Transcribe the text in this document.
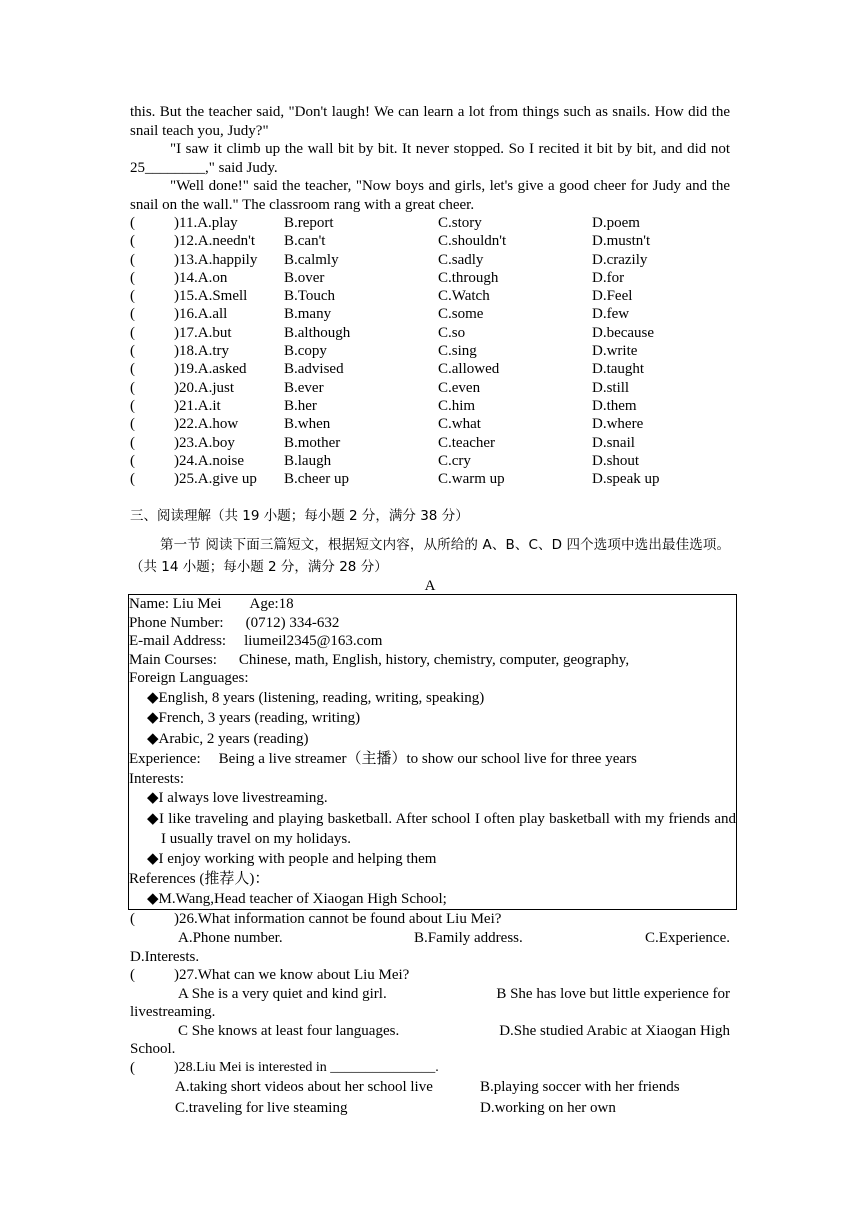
this. But the teacher said, "Don't laugh! We can learn a lot from things such as snails. How did the snail teach you, Judy?"

"I saw it climb up the wall bit by bit. It never stopped. So I recited it bit by bit, and did not 25________," said Judy.

"Well done!" said the teacher, "Now boys and girls, let's give a good cheer for Judy and the snail on the wall." The classroom rang with a great cheer.

(	)11.A.play	B.report	C.story	D.poem
(	)12.A.needn't	B.can't	C.shouldn't	D.mustn't
(	)13.A.happily	B.calmly	C.sadly	D.crazily
(	)14.A.on	B.over	C.through	D.for
(	)15.A.Smell	B.Touch	C.Watch	D.Feel
(	)16.A.all	B.many	C.some	D.few
(	)17.A.but	B.although	C.so	D.because
(	)18.A.try	B.copy	C.sing	D.write
(	)19.A.asked	B.advised	C.allowed	D.taught
(	)20.A.just	B.ever	C.even	D.still
(	)21.A.it	B.her	C.him	D.them
(	)22.A.how	B.when	C.what	D.where
(	)23.A.boy	B.mother	C.teacher	D.snail
(	)24.A.noise	B.laugh	C.cry	D.shout
(	)25.A.give up	B.cheer up	C.warm up	D.speak up
三、阅读理解（共 19 小题；每小题 2 分，满分 38 分）
第一节 阅读下面三篇短文，根据短文内容，从所给的 A、B、C、D 四个选项中选出最佳选项。（共 14 小题；每小题 2 分，满分 28 分）
A
Name: Liu Mei Age:18
Phone Number: (0712) 334-632
E-mail Address: liumeil2345@163.com
Main Courses: Chinese, math, English, history, chemistry, computer, geography,
Foreign Languages:
◆English, 8 years (listening, reading, writing, speaking)
◆French, 3 years (reading, writing)
◆Arabic, 2 years (reading)
Experience: Being a live streamer（主播）to show our school live for three years
Interests:
◆I always love livestreaming.
◆I like traveling and playing basketball. After school I often play basketball with my friends and I usually travel on my holidays.
◆I enjoy working with people and helping them
References (推荐人)：
◆M.Wang,Head teacher of Xiaogan High School;
(	)26.What information cannot be found about Liu Mei?
A.Phone number.	B.Family address.	C.Experience.
D.Interests.
(	)27.What can we know about Liu Mei?
A She is a very quiet and kind girl.	B She has love but little experience for
livestreaming.
C She knows at least four languages.	D.She studied Arabic at Xiaogan High
School.
(	)28.Liu Mei is interested in _______________.
A.taking short videos about her school live	B.playing soccer with her friends
C.traveling for live steaming	D.working on her own
